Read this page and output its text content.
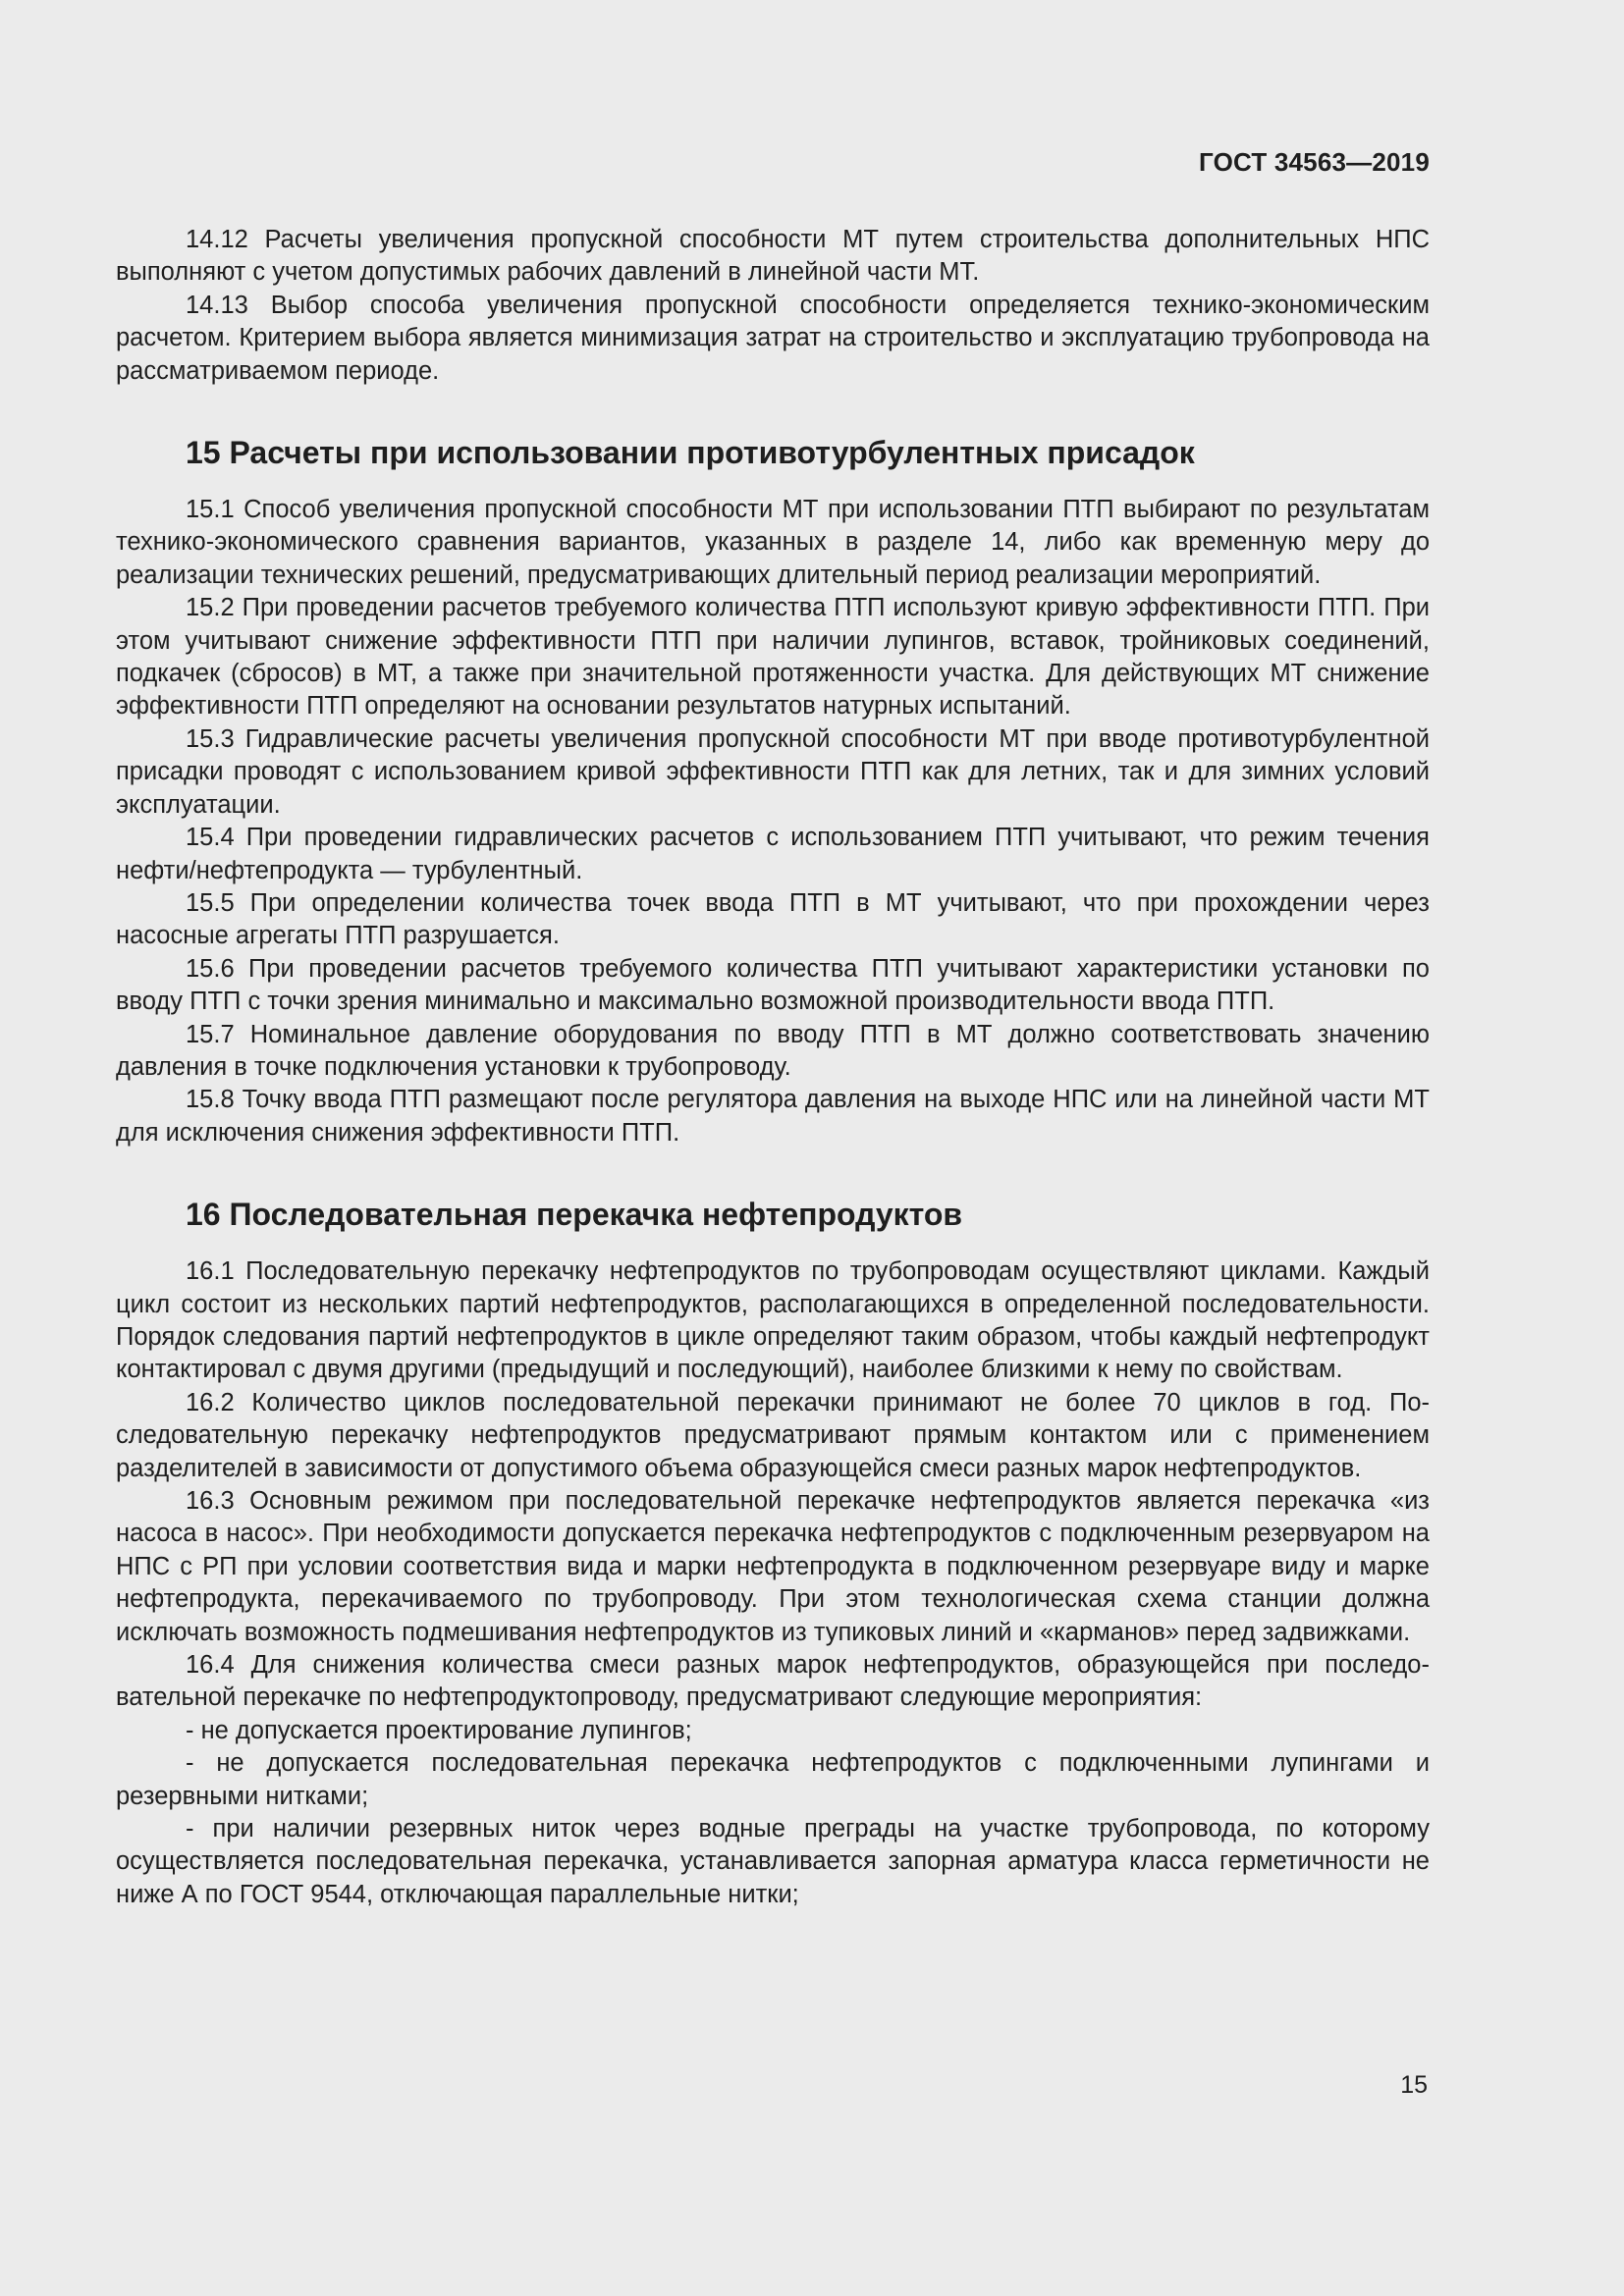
ГОСТ 34563—2019

14.12 Расчеты увеличения пропускной способности МТ путем строительства дополнительных НПС выполняют с учетом допустимых рабочих давлений в линейной части МТ.

14.13 Выбор способа увеличения пропускной способности определяется технико-экономическим расчетом. Критерием выбора является минимизация затрат на строительство и эксплуатацию трубопровода на рассматриваемом периоде.

15 Расчеты при использовании противотурбулентных присадок

15.1 Способ увеличения пропускной способности МТ при использовании ПТП выбирают по результатам технико-экономического сравнения вариантов, указанных в разделе 14, либо как временную меру до реализации технических решений, предусматривающих длительный период реализации мероприятий.

15.2 При проведении расчетов требуемого количества ПТП используют кривую эффективности ПТП. При этом учитывают снижение эффективности ПТП при наличии лупингов, вставок, тройниковых соединений, подкачек (сбросов) в МТ, а также при значительной протяженности участка. Для действующих МТ снижение эффективности ПТП определяют на основании результатов натурных испытаний.

15.3 Гидравлические расчеты увеличения пропускной способности МТ при вводе противотурбулентной присадки проводят с использованием кривой эффективности ПТП как для летних, так и для зимних условий эксплуатации.

15.4 При проведении гидравлических расчетов с использованием ПТП учитывают, что режим течения нефти/нефтепродукта — турбулентный.

15.5 При определении количества точек ввода ПТП в МТ учитывают, что при прохождении через насосные агрегаты ПТП разрушается.

15.6 При проведении расчетов требуемого количества ПТП учитывают характеристики установки по вводу ПТП с точки зрения минимально и максимально возможной производительности ввода ПТП.

15.7 Номинальное давление оборудования по вводу ПТП в МТ должно соответствовать значению давления в точке подключения установки к трубопроводу.

15.8 Точку ввода ПТП размещают после регулятора давления на выходе НПС или на линейной части МТ для исключения снижения эффективности ПТП.

16 Последовательная перекачка нефтепродуктов

16.1 Последовательную перекачку нефтепродуктов по трубопроводам осуществляют циклами. Каждый цикл состоит из нескольких партий нефтепродуктов, располагающихся в определенной последовательности. Порядок следования партий нефтепродуктов в цикле определяют таким образом, чтобы каждый нефтепродукт контактировал с двумя другими (предыдущий и последующий), наиболее близкими к нему по свойствам.

16.2 Количество циклов последовательной перекачки принимают не более 70 циклов в год. Последовательную перекачку нефтепродуктов предусматривают прямым контактом или с применением разделителей в зависимости от допустимого объема образующейся смеси разных марок нефтепродуктов.

16.3 Основным режимом при последовательной перекачке нефтепродуктов является перекачка «из насоса в насос». При необходимости допускается перекачка нефтепродуктов с подключенным резервуаром на НПС с РП при условии соответствия вида и марки нефтепродукта в подключенном резервуаре виду и марке нефтепродукта, перекачиваемого по трубопроводу. При этом технологическая схема станции должна исключать возможность подмешивания нефтепродуктов из тупиковых линий и «карманов» перед задвижками.

16.4 Для снижения количества смеси разных марок нефтепродуктов, образующейся при последовательной перекачке по нефтепродуктопроводу, предусматривают следующие мероприятия:

- не допускается проектирование лупингов;

- не допускается последовательная перекачка нефтепродуктов с подключенными лупингами и резервными нитками;

- при наличии резервных ниток через водные преграды на участке трубопровода, по которому осуществляется последовательная перекачка, устанавливается запорная арматура класса герметичности не ниже А по ГОСТ 9544, отключающая параллельные нитки;

15
